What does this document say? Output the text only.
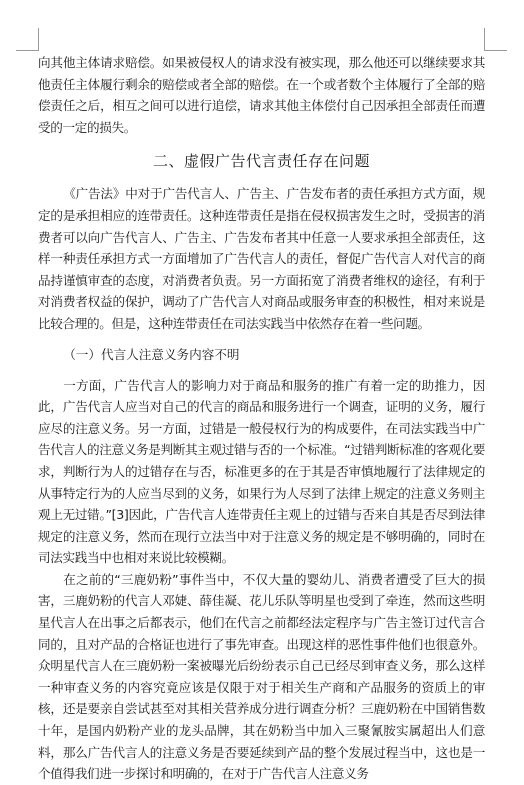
向其他主体请求赔偿。如果被侵权人的请求没有被实现，那么他还可以继续要求其他责任主体履行剩余的赔偿或者全部的赔偿。在一个或者数个主体履行了全部的赔偿责任之后，相互之间可以进行追偿，请求其他主体偿付自己因承担全部责任而遭受的一定的损失。

二、虚假广告代言责任存在问题

《广告法》中对于广告代言人、广告主、广告发布者的责任承担方式方面，规定的是承担相应的连带责任。这种连带责任是指在侵权损害发生之时，受损害的消费者可以向广告代言人、广告主、广告发布者其中任意一人要求承担全部责任，这样一种责任承担方式一方面增加了广告代言人的责任，督促广告代言人对代言的商品持谨慎审查的态度，对消费者负责。另一方面拓宽了消费者维权的途径，有利于对消费者权益的保护，调动了广告代言人对商品或服务审查的积极性，相对来说是比较合理的。但是，这种连带责任在司法实践当中依然存在着一些问题。

（一）代言人注意义务内容不明

一方面，广告代言人的影响力对于商品和服务的推广有着一定的助推力，因此，广告代言人应当对自己的代言的商品和服务进行一个调查，证明的义务，履行应尽的注意义务。另一方面，过错是一般侵权行为的构成要件，在司法实践当中广告代言人的注意义务是判断其主观过错与否的一个标准。“过错判断标准的客观化要求，判断行为人的过错存在与否，标准更多的在于其是否审慎地履行了法律规定的从事特定行为的人应当尽到的义务，如果行为人尽到了法律上规定的注意义务则主观上无过错。”[3]因此，广告代言人连带责任主观上的过错与否来自其是否尽到法律规定的注意义务，然而在现行立法当中对于注意义务的规定是不够明确的，同时在司法实践当中也相对来说比较模糊。

在之前的“三鹿奶粉”事件当中，不仅大量的婴幼儿、消费者遭受了巨大的损害，三鹿奶粉的代言人邓婕、薛佳凝、花儿乐队等明星也受到了牵连，然而这些明星代言人在出事之后都表示，他们在代言之前都经法定程序与广告主签订过代言合同的，且对产品的合格证也进行了事先审查。出现这样的恶性事件他们也很意外。众明星代言人在三鹿奶粉一案被曝光后纷纷表示自己已经尽到审查义务，那么这样一种审查义务的内容究竟应该是仅限于对于相关生产商和产品服务的资质上的审核，还是要亲自尝试甚至对其相关营养成分进行调查分析？三鹿奶粉在中国销售数十年，是国内奶粉产业的龙头品牌，其在奶粉当中加入三聚氰胺实属超出人们意料，那么广告代言人的注意义务是否要延续到产品的整个发展过程当中，这也是一个值得我们进一步探讨和明确的，在对于广告代言人注意义务
